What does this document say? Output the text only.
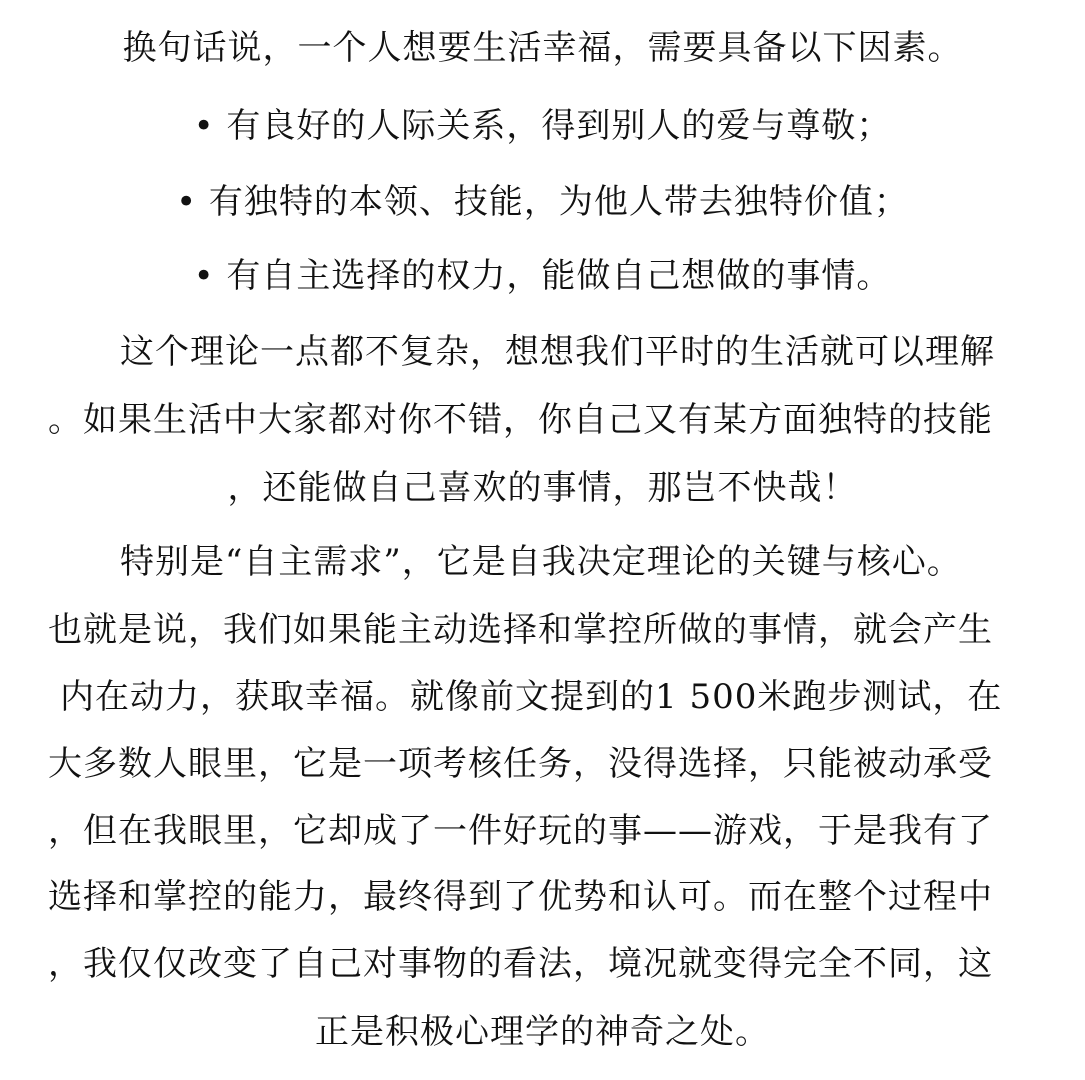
换句话说，一个人想要生活幸福，需要具备以下因素。
• 有良好的人际关系，得到别人的爱与尊敬；
• 有独特的本领、技能，为他人带去独特价值；
• 有自主选择的权力，能做自己想做的事情。
这个理论一点都不复杂，想想我们平时的生活就可以理解
。如果生活中大家都对你不错，你自己又有某方面独特的技能
，还能做自己喜欢的事情，那岂不快哉！
特别是“自主需求”，它是自我决定理论的关键与核心。
也就是说，我们如果能主动选择和掌控所做的事情，就会产生
内在动力，获取幸福。就像前文提到的1 500米跑步测试，在
大多数人眼里，它是一项考核任务，没得选择，只能被动承受
，但在我眼里，它却成了一件好玩的事——游戏，于是我有了
选择和掌控的能力，最终得到了优势和认可。而在整个过程中
，我仅仅改变了自己对事物的看法，境况就变得完全不同，这
正是积极心理学的神奇之处。
